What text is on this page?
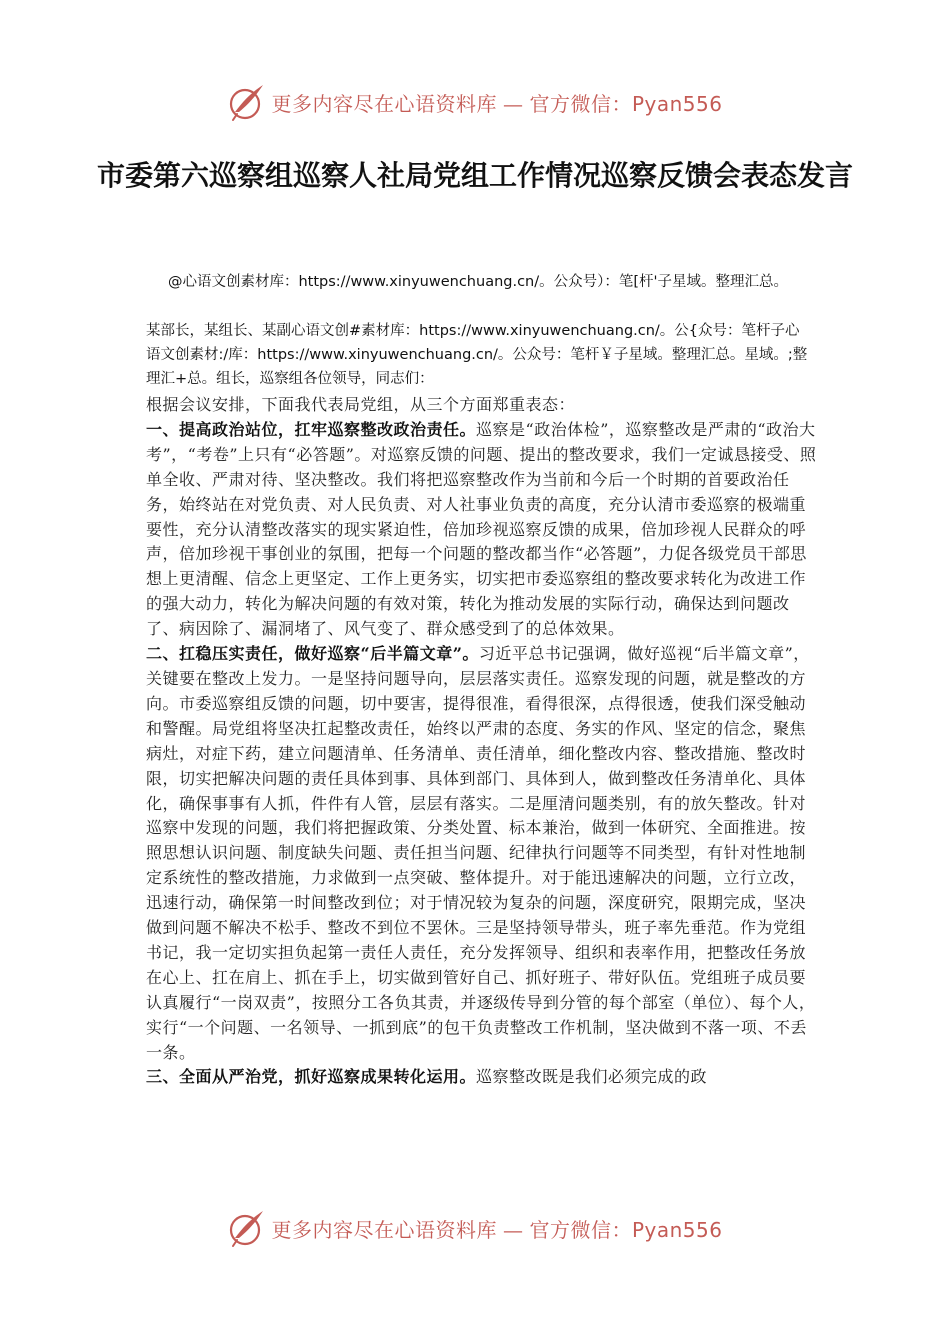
更多内容尽在心语资料库 — 官方微信：Pyan556
市委第六巡察组巡察人社局党组工作情况巡察反馈会表态发言

@心语文创素材库：https://www.xinyuwenchuang.cn/。公众号）：笔[杆'子星域。整理汇总。

某部长，某组长、某副心语文创#素材库：https://www.xinyuwenchuang.cn/。公{众号：笔杆子心语文创素材:/库：https://www.xinyuwenchuang.cn/。公众号：笔杆￥子星域。整理汇总。星域。;整理汇+总。组长，巡察组各位领导，同志们：

根据会议安排，下面我代表局党组，从三个方面郑重表态：

一、提高政治站位，扛牢巡察整改政治责任。巡察是“政治体检”，巡察整改是严肃的“政治大考”，“考卷”上只有“必答题”。对巡察反馈的问题、提出的整改要求，我们一定诚恳接受、照单全收、严肃对待、坚决整改。我们将把巡察整改作为当前和今后一个时期的首要政治任务，始终站在对党负责、对人民负责、对人社事业负责的高度，充分认清市委巡察的极端重要性，充分认清整改落实的现实紧迫性，倍加珍视巡察反馈的成果，倍加珍视人民群众的呼声，倍加珍视干事创业的氛围，把每一个问题的整改都当作“必答题”，力促各级党员干部思想上更清醒、信念上更坚定、工作上更务实，切实把市委巡察组的整改要求转化为改进工作的强大动力，转化为解决问题的有效对策，转化为推动发展的实际行动，确保达到问题改了、病因除了、漏洞堵了、风气变了、群众感受到了的总体效果。

二、扛稳压实责任，做好巡察“后半篇文章”。习近平总书记强调，做好巡视“后半篇文章”，关键要在整改上发力。一是坚持问题导向，层层落实责任。巡察发现的问题，就是整改的方向。市委巡察组反馈的问题，切中要害，提得很准，看得很深，点得很透，使我们深受触动和警醒。局党组将坚决扛起整改责任，始终以严肃的态度、务实的作风、坚定的信念，聚焦病灶，对症下药，建立问题清单、任务清单、责任清单，细化整改内容、整改措施、整改时限，切实把解决问题的责任具体到事、具体到部门、具体到人，做到整改任务清单化、具体化，确保事事有人抓，件件有人管，层层有落实。二是厘清问题类别，有的放矢整改。针对巡察中发现的问题，我们将把握政策、分类处置、标本兼治，做到一体研究、全面推进。按照思想认识问题、制度缺失问题、责任担当问题、纪律执行问题等不同类型，有针对性地制定系统性的整改措施，力求做到一点突破、整体提升。对于能迅速解决的问题，立行立改，迅速行动，确保第一时间整改到位；对于情况较为复杂的问题，深度研究，限期完成，坚决做到问题不解决不松手、整改不到位不罢休。三是坚持领导带头，班子率先垂范。作为党组书记，我一定切实担负起第一责任人责任，充分发挥领导、组织和表率作用，把整改任务放在心上、扛在肩上、抓在手上，切实做到管好自己、抓好班子、带好队伍。党组班子成员要认真履行“一岗双责”，按照分工各负其责，并逐级传导到分管的每个部室（单位）、每个人，实行“一个问题、一名领导、一抓到底”的包干负责整改工作机制，坚决做到不落一项、不丢一条。

三、全面从严治党，抓好巡察成果转化运用。巡察整改既是我们必须完成的政

更多内容尽在心语资料库 — 官方微信：Pyan556
